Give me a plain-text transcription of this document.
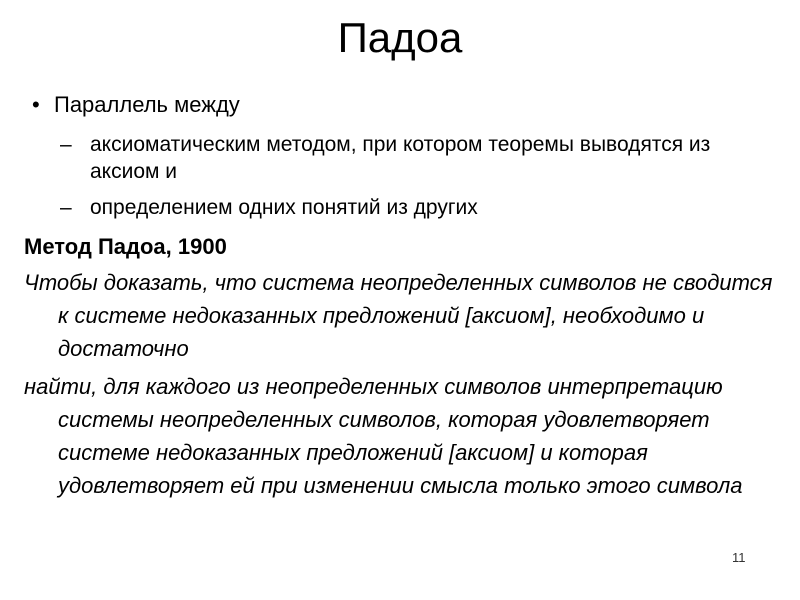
Падоа
• Параллель между
– аксиоматическим методом, при котором теоремы выводятся из аксиом и
– определением одних понятий из других
Метод Падоа, 1900
Чтобы доказать, что система неопределенных символов не сводится к системе недоказанных предложений [аксиом], необходимо и достаточно
найти, для каждого из неопределенных символов интерпретацию системы неопределенных символов, которая удовлетворяет системе недоказанных предложений [аксиом] и которая удовлетворяет ей при изменении смысла только этого символа
11
